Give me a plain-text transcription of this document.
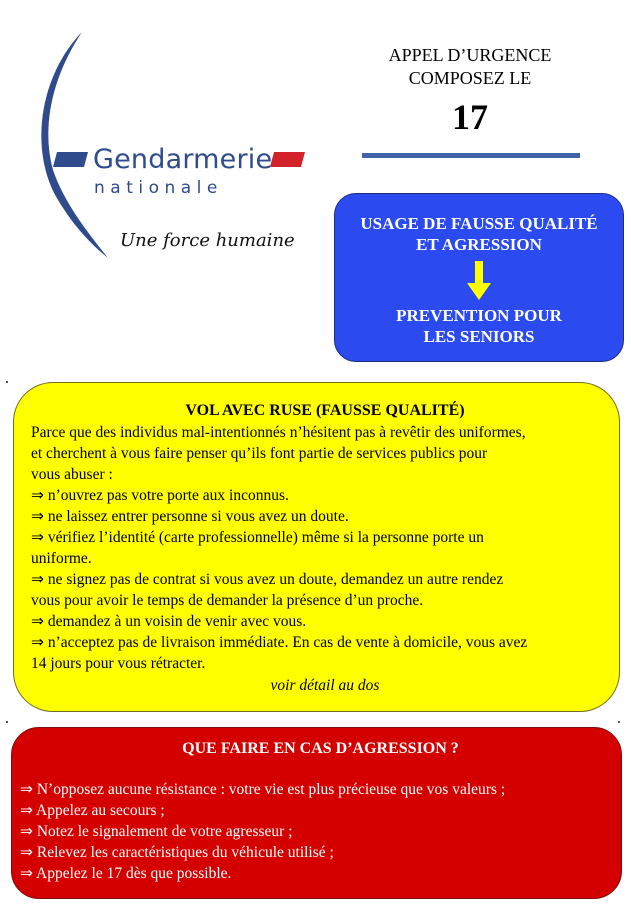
Gendarmerie
nationale
Une force humaine
APPEL D’URGENCE
COMPOSEZ LE
17
USAGE DE FAUSSE QUALITÉ
ET AGRESSION
PREVENTION POUR
LES SENIORS
VOL AVEC RUSE (FAUSSE QUALITÉ)
Parce que des individus mal-intentionnés n’hésitent pas à revêtir des uniformes,
et cherchent à vous faire penser qu’ils font partie de services publics pour
vous abuser :
⇒ n’ouvrez pas votre porte aux inconnus.
⇒ ne laissez entrer personne si vous avez un doute.
⇒ vérifiez l’identité (carte professionnelle) même si la personne porte un
uniforme.
⇒ ne signez pas de contrat si vous avez un doute, demandez un autre rendez
vous pour avoir le temps de demander la présence d’un proche.
⇒ demandez à un voisin de venir avec vous.
⇒ n’acceptez pas de livraison immédiate. En cas de vente à domicile, vous avez
14 jours pour vous rétracter.
voir détail au dos
QUE FAIRE EN CAS D’AGRESSION ?
⇒ N’opposez aucune résistance : votre vie est plus précieuse que vos valeurs ;
⇒ Appelez au secours ;
⇒ Notez le signalement de votre agresseur ;
⇒ Relevez les caractéristiques du véhicule utilisé ;
⇒ Appelez le 17 dès que possible.
